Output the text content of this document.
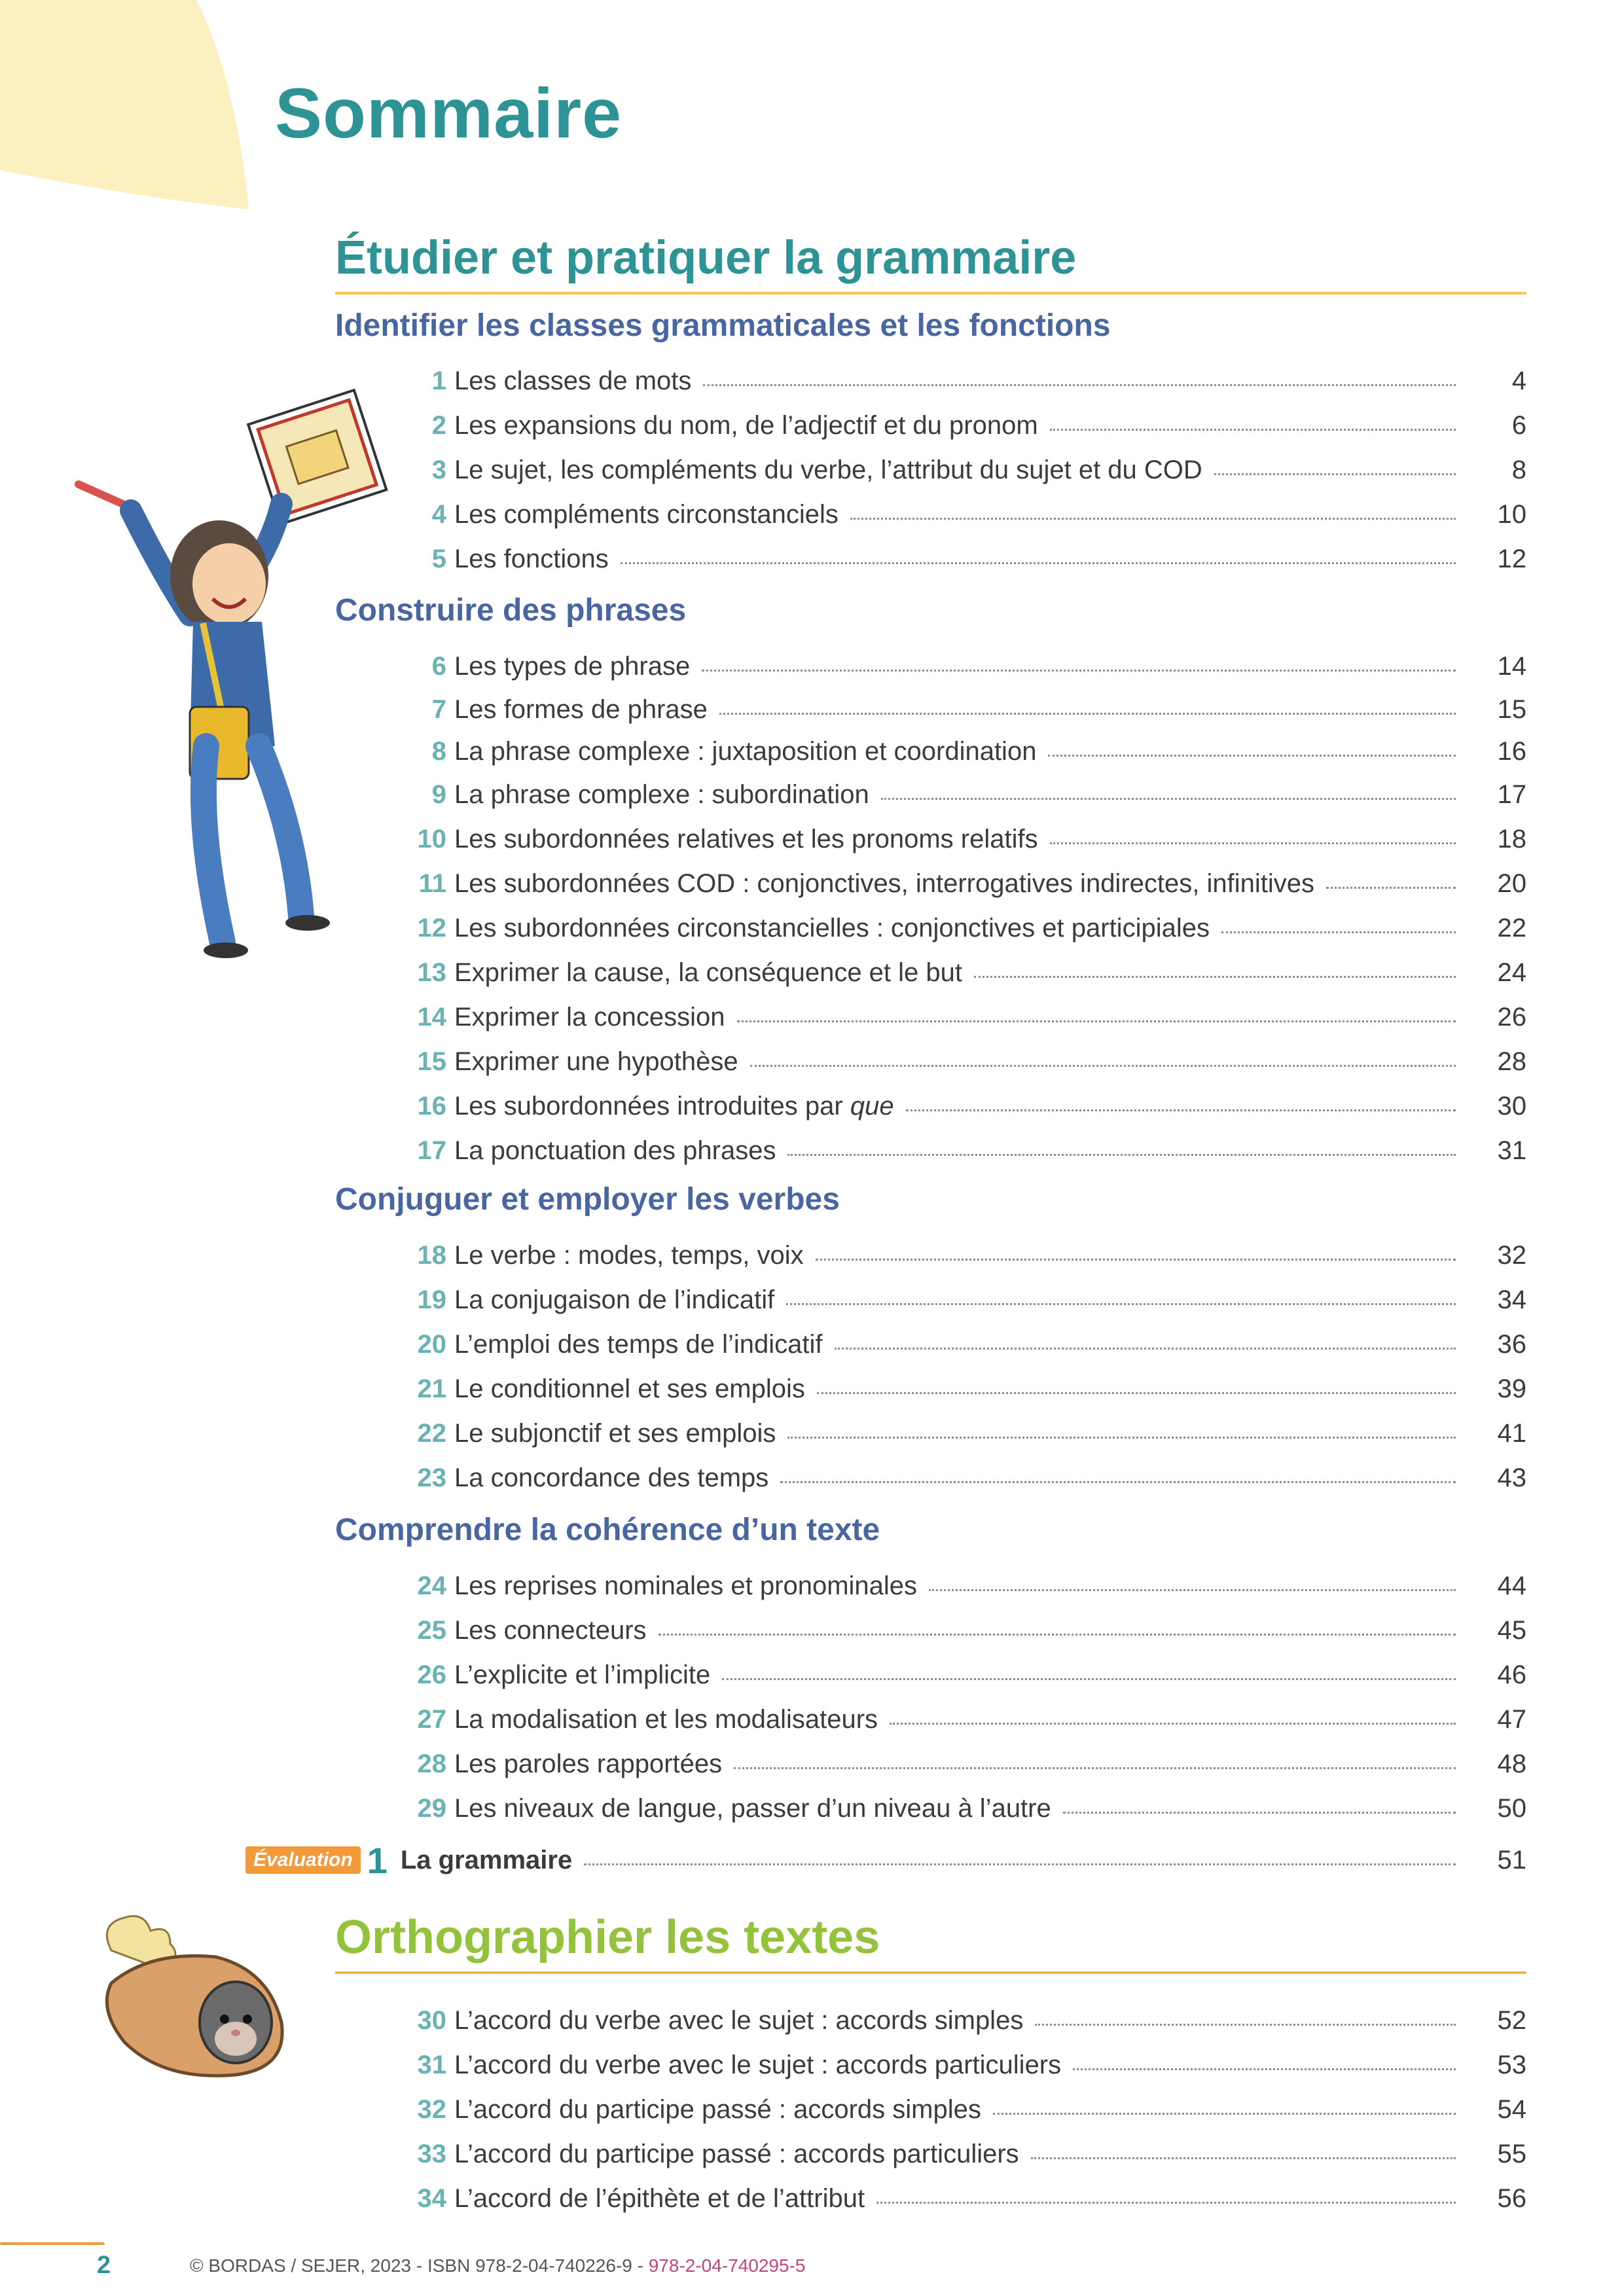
Sommaire
Étudier et pratiquer la grammaire
Identifier les classes grammaticales et les fonctions
1 Les classes de mots	4
2 Les expansions du nom, de l’adjectif et du pronom	6
3 Le sujet, les compléments du verbe, l’attribut du sujet et du COD	8
4 Les compléments circonstanciels	10
5 Les fonctions	12
Construire des phrases
6 Les types de phrase	14
7 Les formes de phrase	15
8 La phrase complexe : juxtaposition et coordination	16
9 La phrase complexe : subordination	17
10 Les subordonnées relatives et les pronoms relatifs	18
11 Les subordonnées COD : conjonctives, interrogatives indirectes, infinitives	20
12 Les subordonnées circonstancielles : conjonctives et participiales	22
13 Exprimer la cause, la conséquence et le but	24
14 Exprimer la concession	26
15 Exprimer une hypothèse	28
16 Les subordonnées introduites par que	30
17 La ponctuation des phrases	31
Conjuguer et employer les verbes
18 Le verbe : modes, temps, voix	32
19 La conjugaison de l’indicatif	34
20 L’emploi des temps de l’indicatif	36
21 Le conditionnel et ses emplois	39
22 Le subjonctif et ses emplois	41
23 La concordance des temps	43
Comprendre la cohérence d’un texte
24 Les reprises nominales et pronominales	44
25 Les connecteurs	45
26 L’explicite et l’implicite	46
27 La modalisation et les modalisateurs	47
28 Les paroles rapportées	48
29 Les niveaux de langue, passer d’un niveau à l’autre	50
Évaluation 1 La grammaire	51
Orthographier les textes
30 L’accord du verbe avec le sujet : accords simples	52
31 L’accord du verbe avec le sujet : accords particuliers	53
32 L’accord du participe passé : accords simples	54
33 L’accord du participe passé : accords particuliers	55
34 L’accord de l’épithète et de l’attribut	56
2	© BORDAS / SEJER, 2023 - ISBN 978-2-04-740226-9 - 978-2-04-740295-5
